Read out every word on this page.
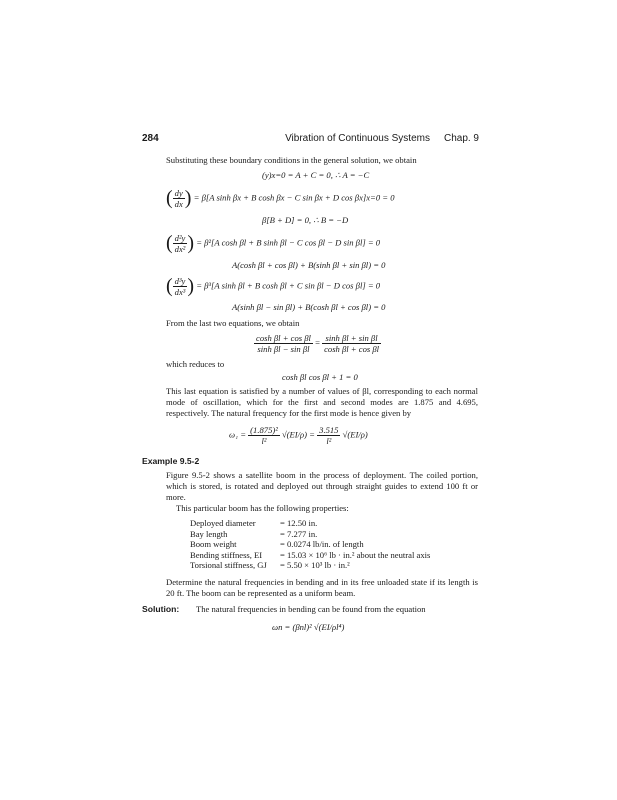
284	Vibration of Continuous Systems Chap. 9
Substituting these boundary conditions in the general solution, we obtain
(y)x=0 = A + C = 0, ∴ A = −C
( $\frac{dy}{dx}$ ) = β[A sinh βx + B cosh βx − C sin βx + D cos βx]x=0 = 0
β[B + D] = 0, ∴ B = −D
( $\frac{\text{d²y}}{\text{dx²}}$ ) = β²[A cosh βl + B sinh βl − C cos βl − D sin βl] = 0
A(cosh βl + cos βl) + B(sinh βl + sin βl) = 0
( $\frac{\text{d³y}}{\text{dx³}}$ ) = β³[A sinh βl + B cosh βl + C sin βl − D cos βl] = 0
A(sinh βl − sin βl) + B(cosh βl + cos βl) = 0
From the last two equations, we obtain
$\frac{\text{cosh βl + cos βl}}{\text{sinh βl − sin βl}} = \frac{\text{sinh βl + sin βl}}{\text{cosh βl + cos βl}}$
which reduces to
cosh βl cos βl + 1 = 0
This last equation is satisfied by a number of values of βl, corresponding to each normal mode of oscillation, which for the first and second modes are 1.875 and 4.695, respectively. The natural frequency for the first mode is hence given by
$\omega_1 = \frac{\text{(1.875)²}}{\text{l²}} √(EI/\rho) = \frac{3.515}{\text{l²}} √(EI/\rho)$
Example 9.5-2
Figure 9.5-2 shows a satellite boom in the process of deployment. The coiled portion, which is stored, is rotated and deployed out through straight guides to extend 100 ft or more.
This particular boom has the following properties:
Deployed diameter	= 12.50 in.
Bay length	= 7.277 in.
Boom weight	= 0.0274 lb/in. of length
Bending stiffness, EI	= 15.03 × 10⁶ lb · in.² about the neutral axis
Torsional stiffness, GJ	= 5.50 × 10³ lb · in.²
Determine the natural frequencies in bending and in its free unloaded state if its length is 20 ft. The boom can be represented as a uniform beam.
Solution: The natural frequencies in bending can be found from the equation
ωn = (βnl)² √(EI/ρl⁴)
